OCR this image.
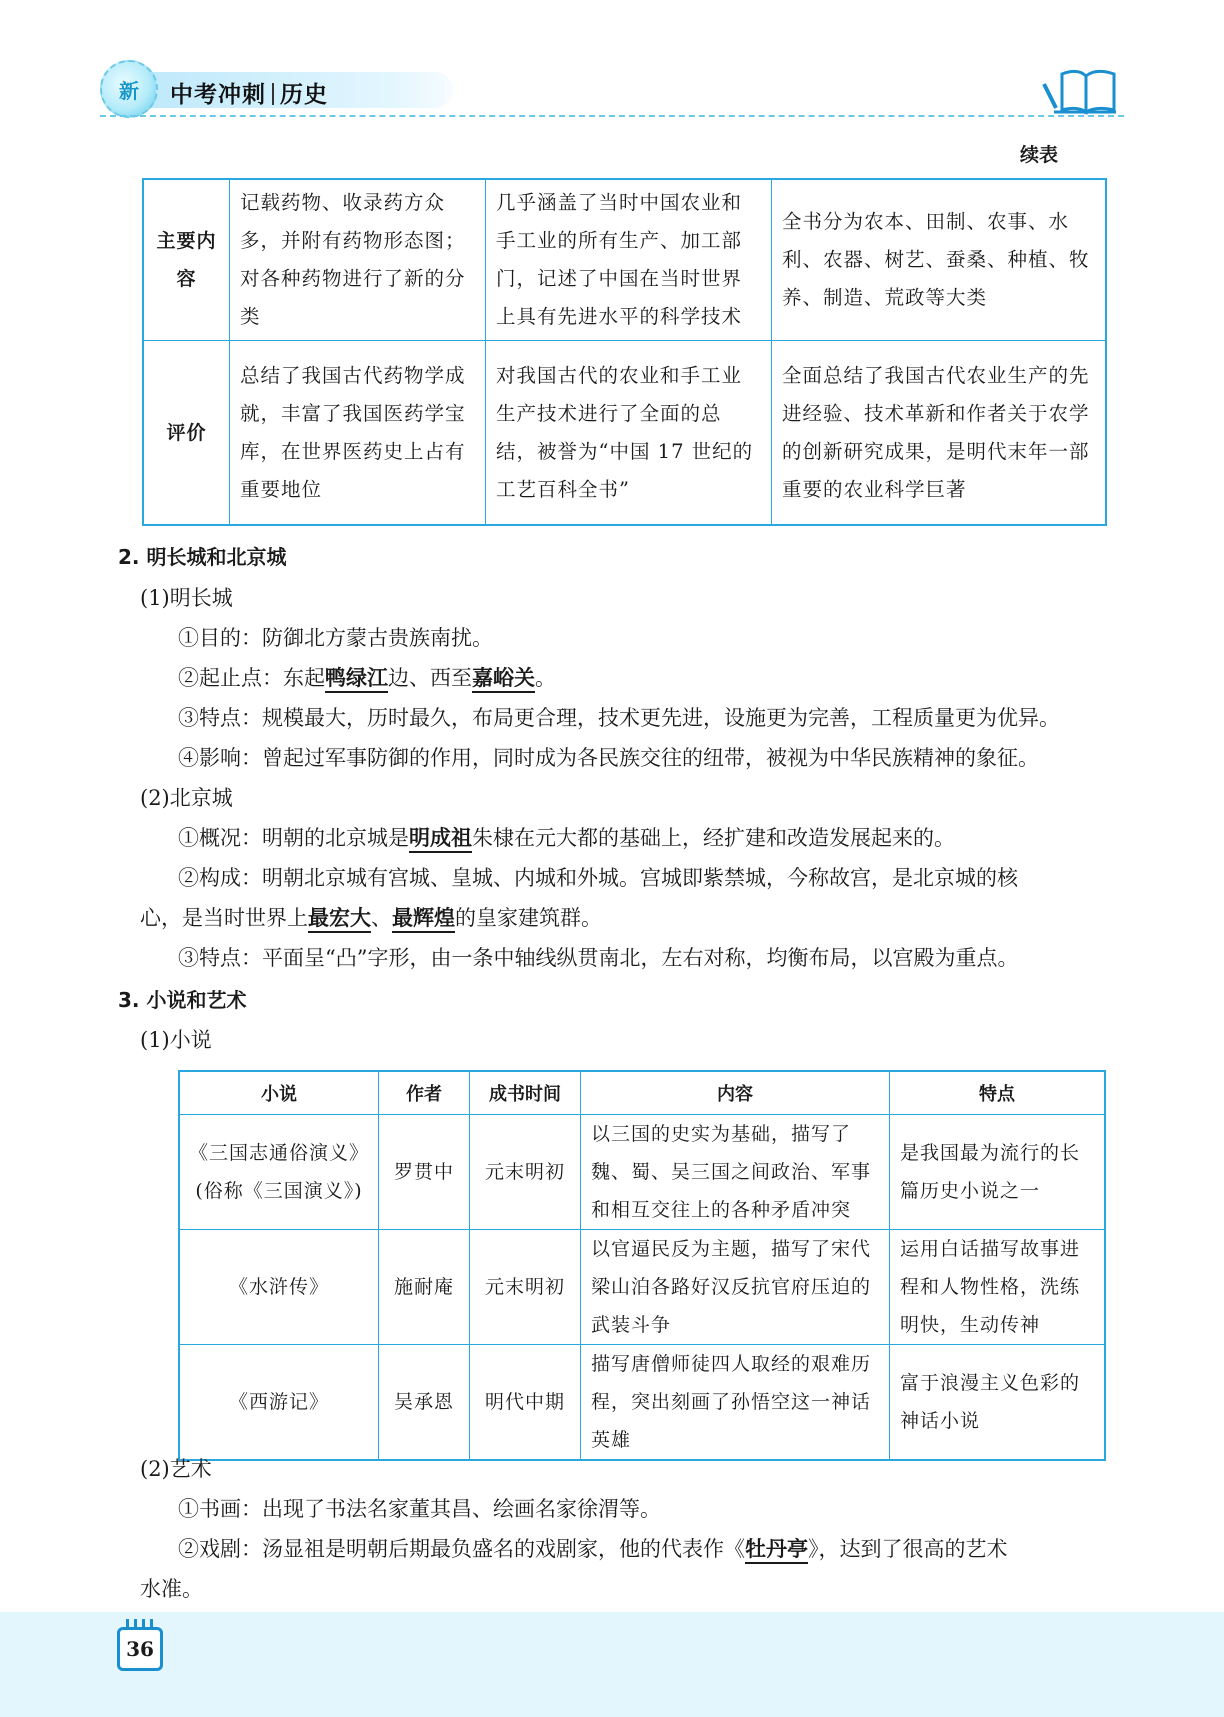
新 中考冲刺 历史
续表
主要内容	记载药物、收录药方众多，并附有药物形态图；对各种药物进行了新的分类	几乎涵盖了当时中国农业和手工业的所有生产、加工部门，记述了中国在当时世界上具有先进水平的科学技术	全书分为农本、田制、农事、水利、农器、树艺、蚕桑、种植、牧养、制造、荒政等大类
评价	总结了我国古代药物学成就，丰富了我国医药学宝库，在世界医药史上占有重要地位	对我国古代的农业和手工业生产技术进行了全面的总结，被誉为“中国 17 世纪的工艺百科全书”	全面总结了我国古代农业生产的先进经验、技术革新和作者关于农学的创新研究成果，是明代末年一部重要的农业科学巨著
2. 明长城和北京城
(1)明长城
①目的：防御北方蒙古贵族南扰。
②起止点：东起鸭绿江边、西至嘉峪关。
③特点：规模最大，历时最久，布局更合理，技术更先进，设施更为完善，工程质量更为优异。
④影响：曾起过军事防御的作用，同时成为各民族交往的纽带，被视为中华民族精神的象征。
(2)北京城
①概况：明朝的北京城是明成祖朱棣在元大都的基础上，经扩建和改造发展起来的。
②构成：明朝北京城有宫城、皇城、内城和外城。宫城即紫禁城，今称故宫，是北京城的核
心，是当时世界上最宏大、最辉煌的皇家建筑群。
③特点：平面呈“凸”字形，由一条中轴线纵贯南北，左右对称，均衡布局，以宫殿为重点。
3. 小说和艺术
(1)小说
小说	作者	成书时间	内容	特点

《三国志通俗演义》
(俗称《三国演义》)	罗贯中	元末明初	以三国的史实为基础，描写了魏、蜀、吴三国之间政治、军事和相互交往上的各种矛盾冲突	是我国最为流行的长篇历史小说之一
《水浒传》	施耐庵	元末明初	以官逼民反为主题，描写了宋代梁山泊各路好汉反抗官府压迫的武装斗争	运用白话描写故事进程和人物性格，洗练明快，生动传神
《西游记》	吴承恩	明代中期	描写唐僧师徒四人取经的艰难历程，突出刻画了孙悟空这一神话英雄	富于浪漫主义色彩的神话小说
(2)艺术
①书画：出现了书法名家董其昌、绘画名家徐渭等。
②戏剧：汤显祖是明朝后期最负盛名的戏剧家，他的代表作《牡丹亭》，达到了很高的艺术
水准。
36
